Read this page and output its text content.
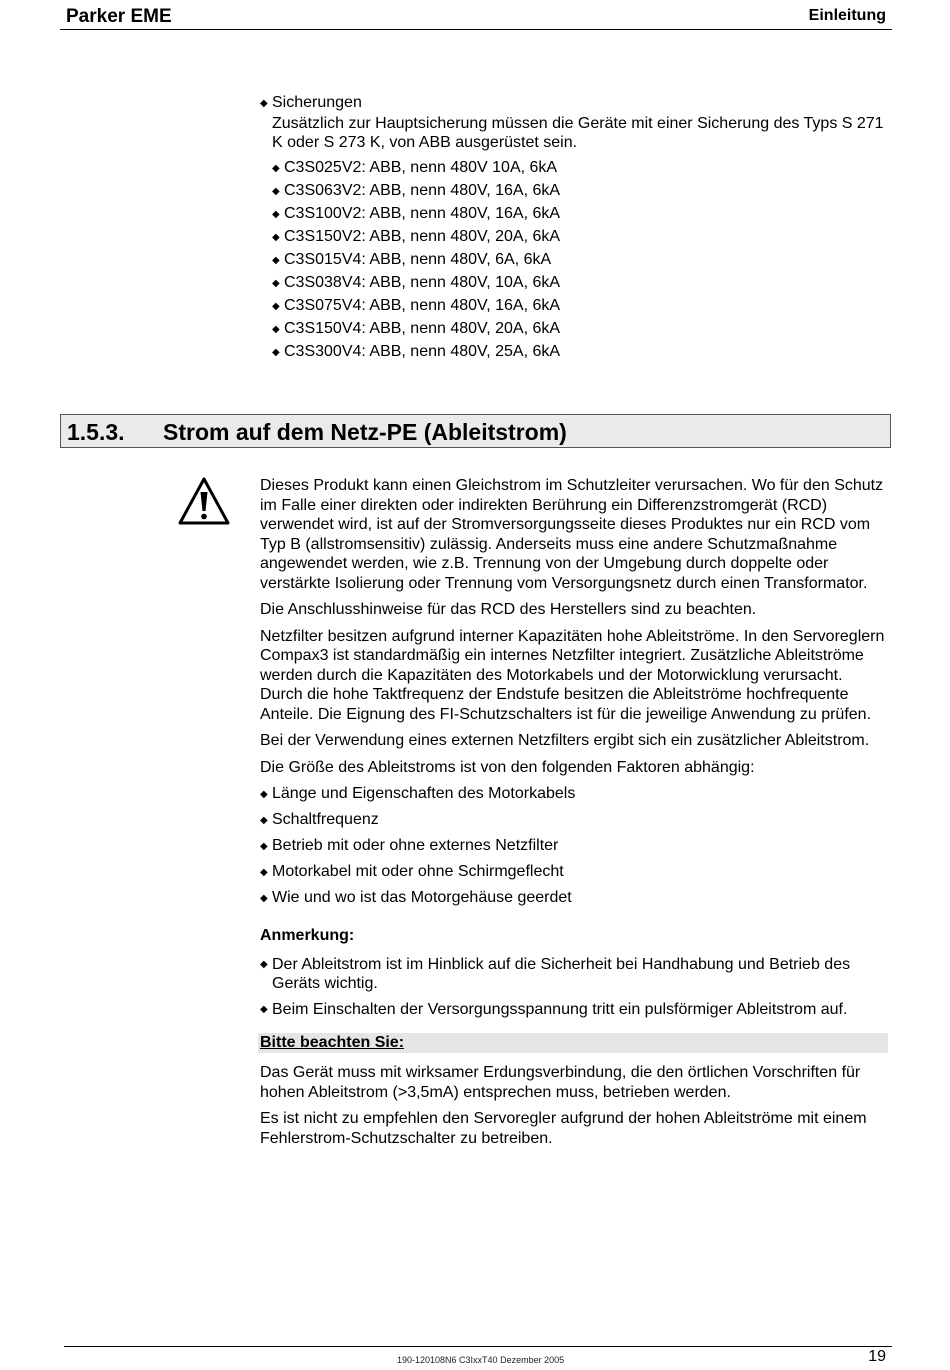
Parker EME	Einleitung
◆ Sicherungen
Zusätzlich zur Hauptsicherung müssen die Geräte mit einer Sicherung des Typs S 271 K oder S 273 K, von ABB ausgerüstet sein.
◆ C3S025V2: ABB, nenn 480V 10A, 6kA
◆ C3S063V2: ABB, nenn 480V, 16A, 6kA
◆ C3S100V2: ABB, nenn 480V, 16A, 6kA
◆ C3S150V2: ABB, nenn 480V, 20A, 6kA
◆ C3S015V4: ABB, nenn 480V, 6A, 6kA
◆ C3S038V4: ABB, nenn 480V, 10A, 6kA
◆ C3S075V4: ABB, nenn 480V, 16A, 6kA
◆ C3S150V4: ABB, nenn 480V, 20A, 6kA
◆ C3S300V4: ABB, nenn 480V, 25A, 6kA
1.5.3. Strom auf dem Netz-PE (Ableitstrom)

Dieses Produkt kann einen Gleichstrom im Schutzleiter verursachen. Wo für den Schutz im Falle einer direkten oder indirekten Berührung ein Differenzstromgerät (RCD) verwendet wird, ist auf der Stromversorgungsseite dieses Produktes nur ein RCD vom Typ B (allstromsensitiv) zulässig. Anderseits muss eine andere Schutzmaßnahme angewendet werden, wie z.B. Trennung von der Umgebung durch doppelte oder verstärkte Isolierung oder Trennung vom Versorgungsnetz durch einen Transformator.

Die Anschlusshinweise für das RCD des Herstellers sind zu beachten.

Netzfilter besitzen aufgrund interner Kapazitäten hohe Ableitströme. In den Servoreglern Compax3 ist standardmäßig ein internes Netzfilter integriert. Zusätzliche Ableitströme werden durch die Kapazitäten des Motorkabels und der Motorwicklung verursacht. Durch die hohe Taktfrequenz der Endstufe besitzen die Ableitströme hochfrequente Anteile. Die Eignung des FI-Schutzschalters ist für die jeweilige Anwendung zu prüfen.

Bei der Verwendung eines externen Netzfilters ergibt sich ein zusätzlicher Ableitstrom.

Die Größe des Ableitstroms ist von den folgenden Faktoren abhängig:

◆ Länge und Eigenschaften des Motorkabels
◆ Schaltfrequenz
◆ Betrieb mit oder ohne externes Netzfilter
◆ Motorkabel mit oder ohne Schirmgeflecht
◆ Wie und wo ist das Motorgehäuse geerdet
Anmerkung:
◆ Der Ableitstrom ist im Hinblick auf die Sicherheit bei Handhabung und Betrieb des Geräts wichtig.
◆ Beim Einschalten der Versorgungsspannung tritt ein pulsförmiger Ableitstrom auf.
Bitte beachten Sie:

Das Gerät muss mit wirksamer Erdungsverbindung, die den örtlichen Vorschriften für hohen Ableitstrom (>3,5mA) entsprechen muss, betrieben werden.

Es ist nicht zu empfehlen den Servoregler aufgrund der hohen Ableitströme mit einem Fehlerstrom-Schutzschalter zu betreiben.

190-120108N6 C3IxxT40 Dezember 2005	19
